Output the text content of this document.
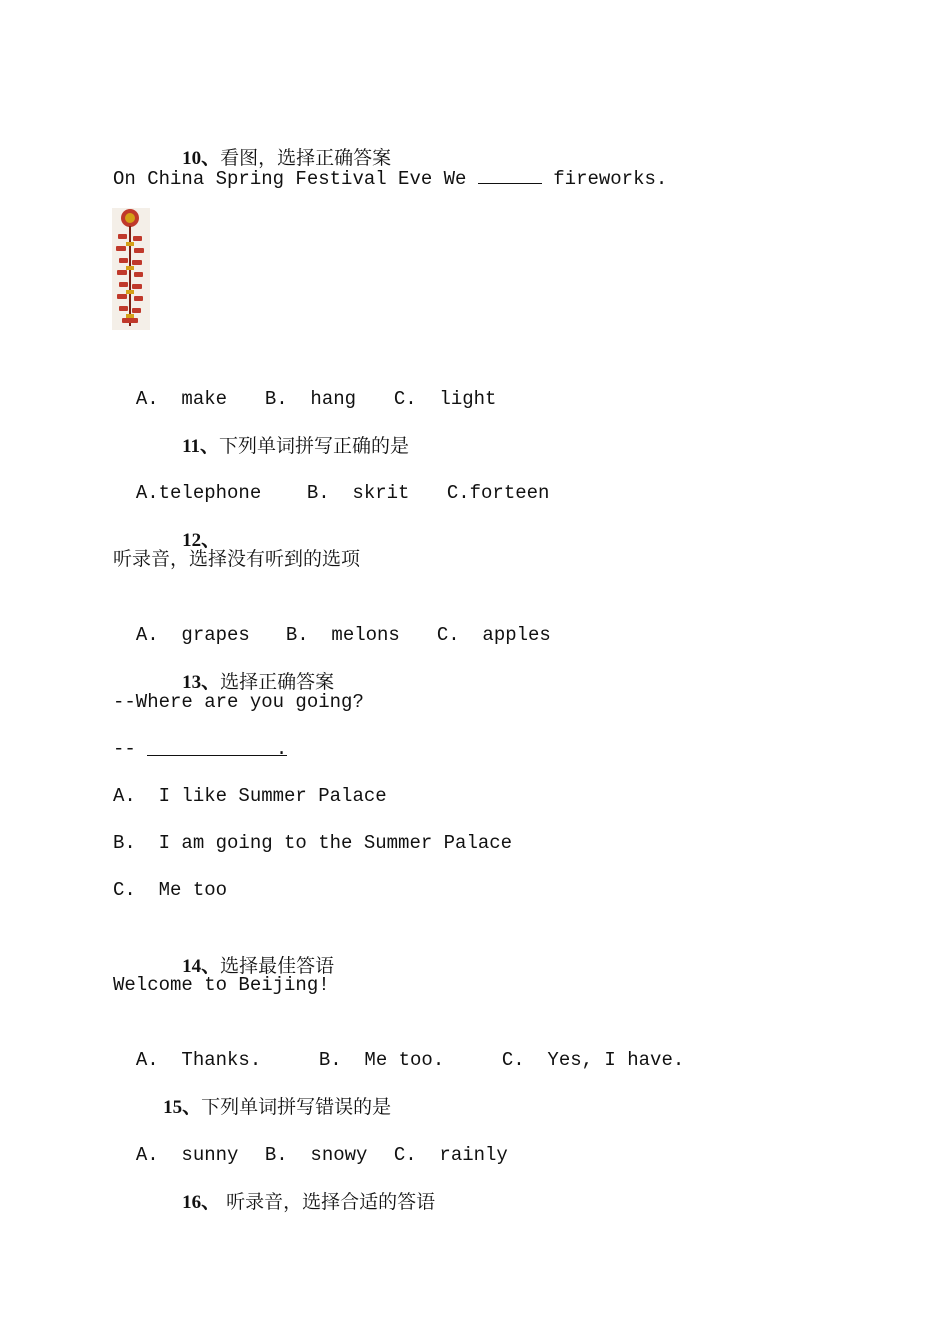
10、看图，选择正确答案

On China Spring Festival Eve We	fireworks.

A.  make B.  hang C.  light

11、下列单词拼写正确的是

A.telephone B.  skrit C.forteen

12、

听录音，选择没有听到的选项

A.  grapes B.  melons C.  apples

13、选择正确答案

--Where are you going?
--	.
A.  I like Summer Palace
B.  I am going to the Summer Palace
C.  Me too

14、选择最佳答语

Welcome to Beijing!

A.  Thanks.	B.  Me too.	C.  Yes, I have.

15、下列单词拼写错误的是

A.  sunny B.  snowy C.  rainly

16、 听录音，选择合适的答语
